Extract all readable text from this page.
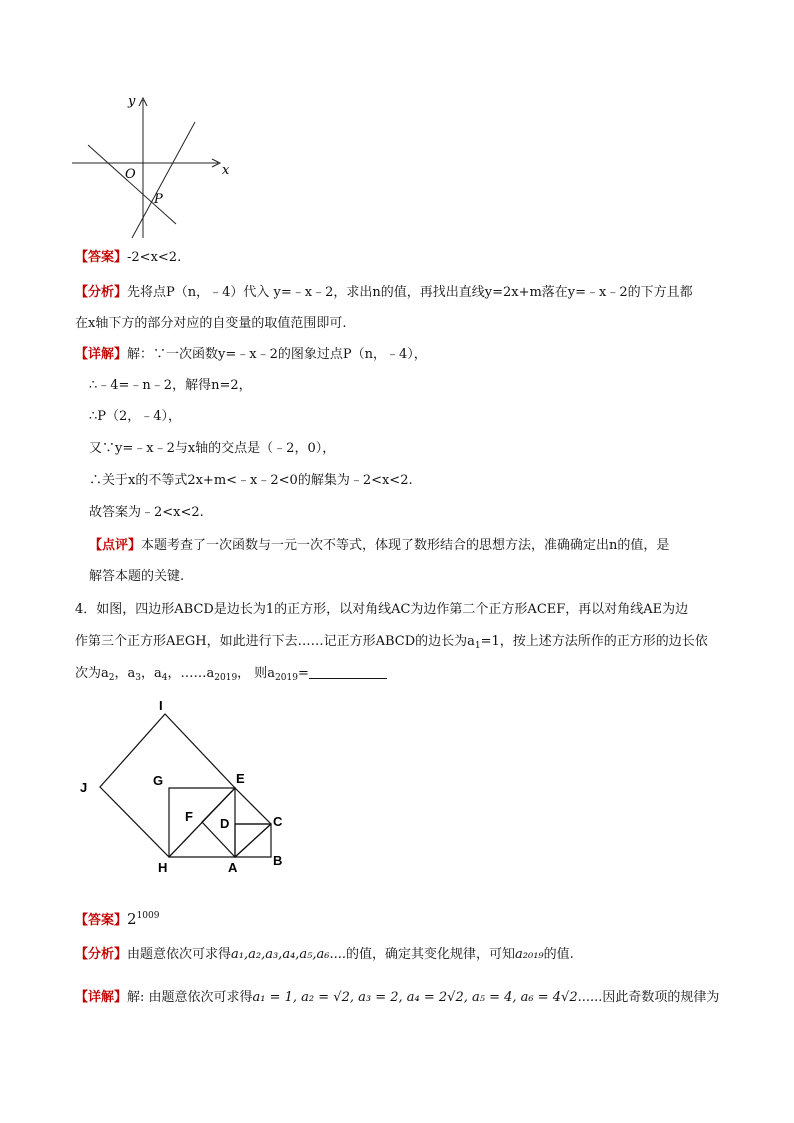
y
x
O
P
【答案】-2<x<2.
【分析】先将点P（n，﹣4）代入 y=﹣x﹣2，求出n的值，再找出直线y=2x+m落在y=﹣x﹣2的下方且都
在x轴下方的部分对应的自变量的取值范围即可.
【详解】解：∵一次函数y=﹣x﹣2的图象过点P（n，﹣4），
∴﹣4=﹣n﹣2，解得n=2，
∴P（2，﹣4），
又∵y=﹣x﹣2与x轴的交点是（﹣2，0），
∴关于x的不等式2x+m<﹣x﹣2<0的解集为﹣2<x<2.
故答案为﹣2<x<2.
【点评】本题考查了一次函数与一元一次不等式，体现了数形结合的思想方法，准确确定出n的值，是
解答本题的关键.
4．如图，四边形ABCD是边长为1的正方形，以对角线AC为边作第二个正方形ACEF，再以对角线AE为边
作第三个正方形AEGH，如此进行下去……记正方形ABCD的边长为$a_1=1$，按上述方法所作的正方形的边长依
次为$a_2$，$a_3$，$a_4$，$\dots\dots a_{2019}$， 则$a_{2019}=$
I
J	G	E
F D	C
H	A	B
【答案】$2^{1009}$
【分析】由题意依次可求得a₁,a₂,a₃,a₄,a₅,a₆....的值，确定其变化规律，可知a₂₀₁₉的值.
【详解】解: 由题意依次可求得a₁ = 1, a₂ = √2, a₃ = 2, a₄ = 2√2, a₅ = 4, a₆ = 4√2......因此奇数项的规律为
